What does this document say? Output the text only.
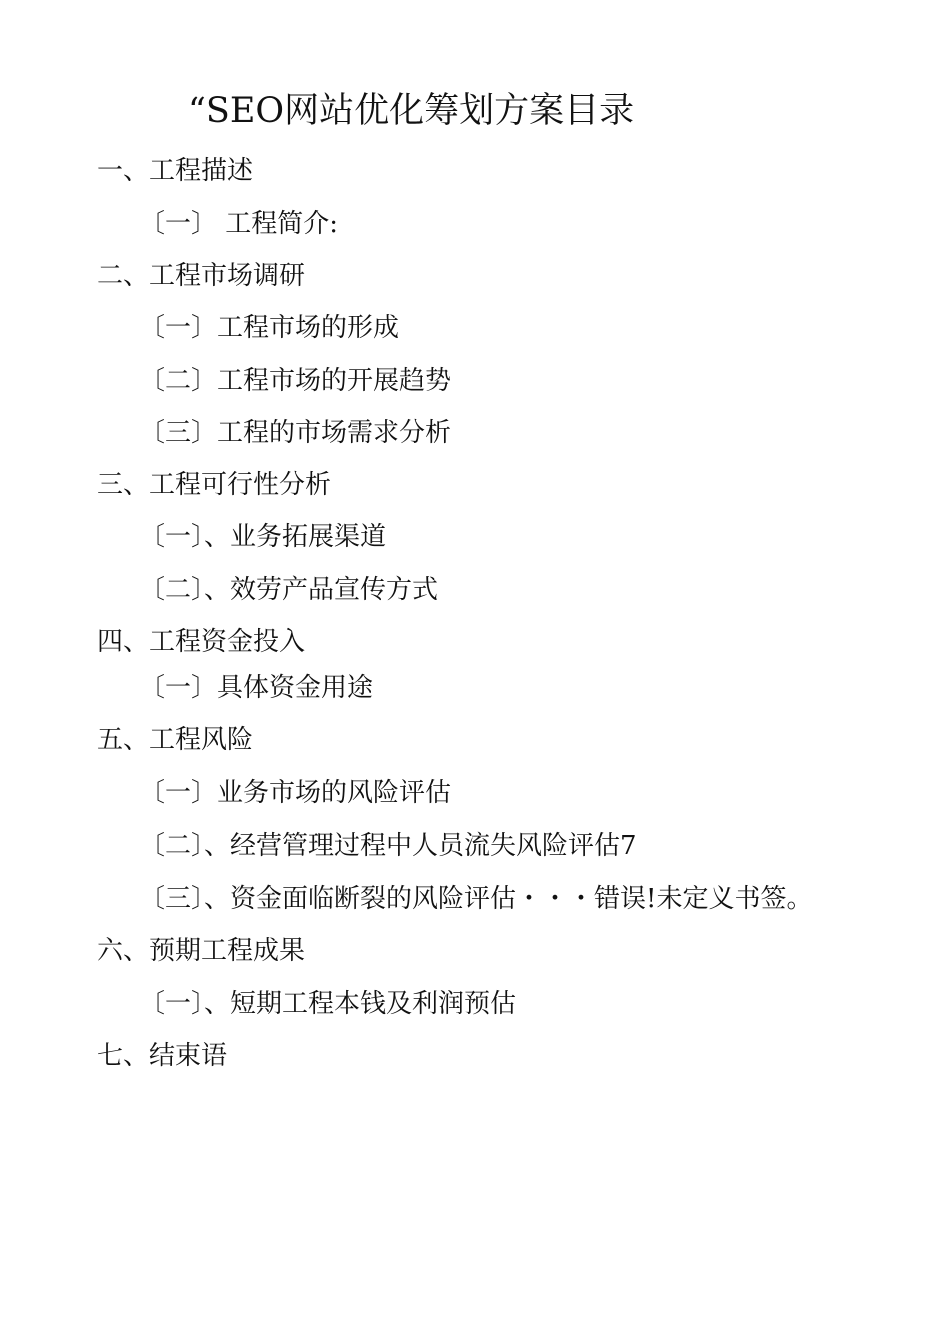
“SEO网站优化筹划方案目录
一、工程描述
〔一〕 工程简介:
二、工程市场调研
〔一〕工程市场的形成
〔二〕工程市场的开展趋势
〔三〕工程的市场需求分析
三、工程可行性分析
〔一〕、业务拓展渠道
〔二〕、效劳产品宣传方式
四、工程资金投入
〔一〕具体资金用途
五、工程风险
〔一〕业务市场的风险评估
〔二〕、经营管理过程中人员流失风险评估7
〔三〕、资金面临断裂的风险评估・・・错误!未定义书签。
六、预期工程成果
〔一〕、短期工程本钱及利润预估
七、结束语
